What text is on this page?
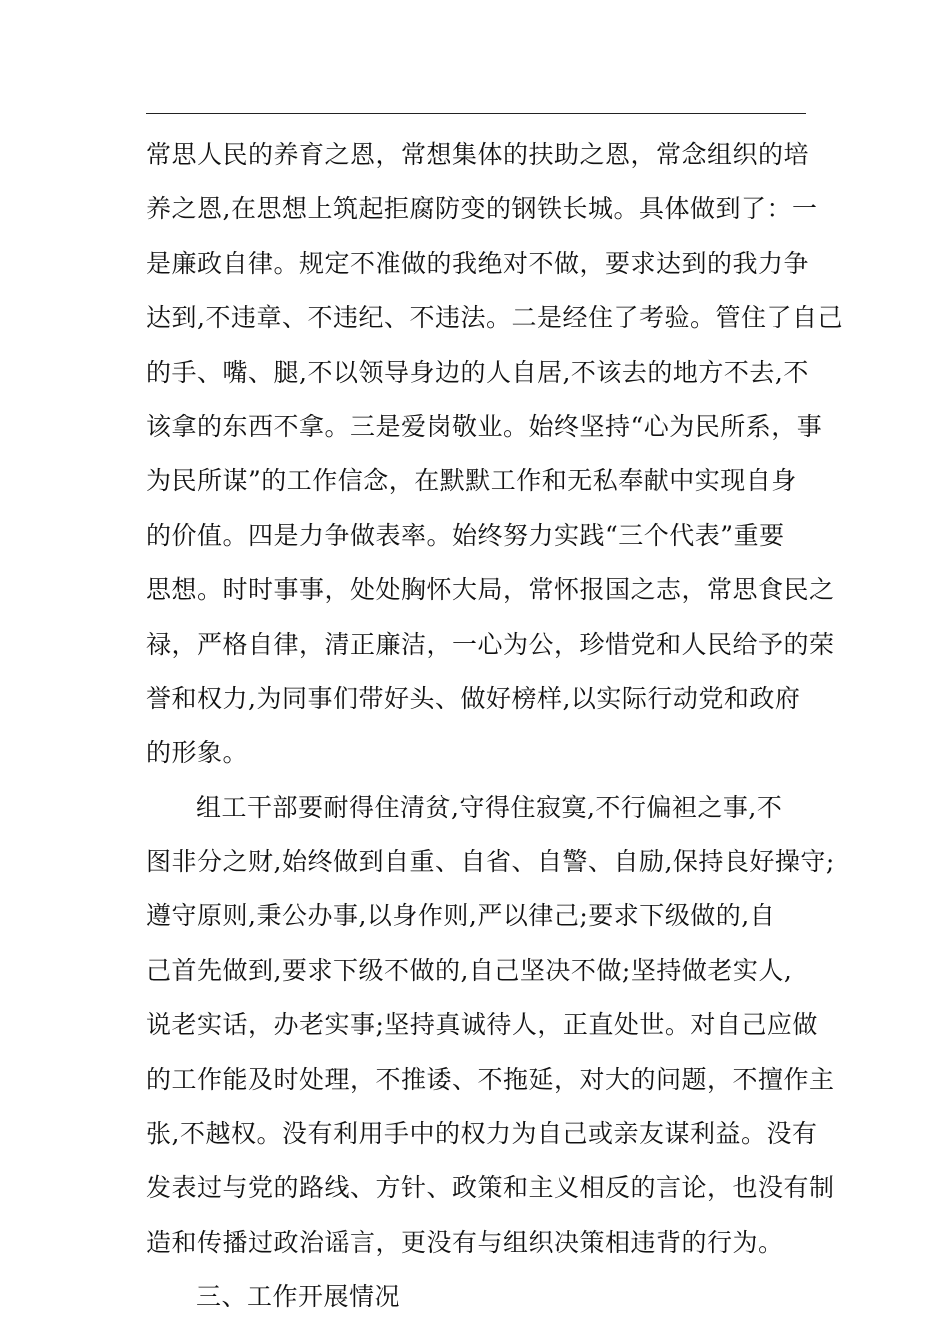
常思人民的养育之恩，常想集体的扶助之恩，常念组织的培
养之恩,在思想上筑起拒腐防变的钢铁长城。具体做到了：一
是廉政自律。规定不准做的我绝对不做，要求达到的我力争
达到,不违章、不违纪、不违法。二是经住了考验。管住了自己
的手、嘴、腿,不以领导身边的人自居,不该去的地方不去,不
该拿的东西不拿。三是爱岗敬业。始终坚持“心为民所系，事
为民所谋”的工作信念，在默默工作和无私奉献中实现自身
的价值。四是力争做表率。始终努力实践“三个代表”重要
思想。时时事事，处处胸怀大局，常怀报国之志，常思食民之
禄，严格自律，清正廉洁，一心为公，珍惜党和人民给予的荣
誉和权力,为同事们带好头、做好榜样,以实际行动党和政府
的形象。
组工干部要耐得住清贫,守得住寂寞,不行偏袒之事,不
图非分之财,始终做到自重、自省、自警、自励,保持良好操守;
遵守原则,秉公办事,以身作则,严以律己;要求下级做的,自
己首先做到,要求下级不做的,自己坚决不做;坚持做老实人,
说老实话，办老实事;坚持真诚待人，正直处世。对自己应做
的工作能及时处理，不推诿、不拖延，对大的问题，不擅作主
张,不越权。没有利用手中的权力为自己或亲友谋利益。没有
发表过与党的路线、方针、政策和主义相反的言论，也没有制
造和传播过政治谣言，更没有与组织决策相违背的行为。
三、工作开展情况
